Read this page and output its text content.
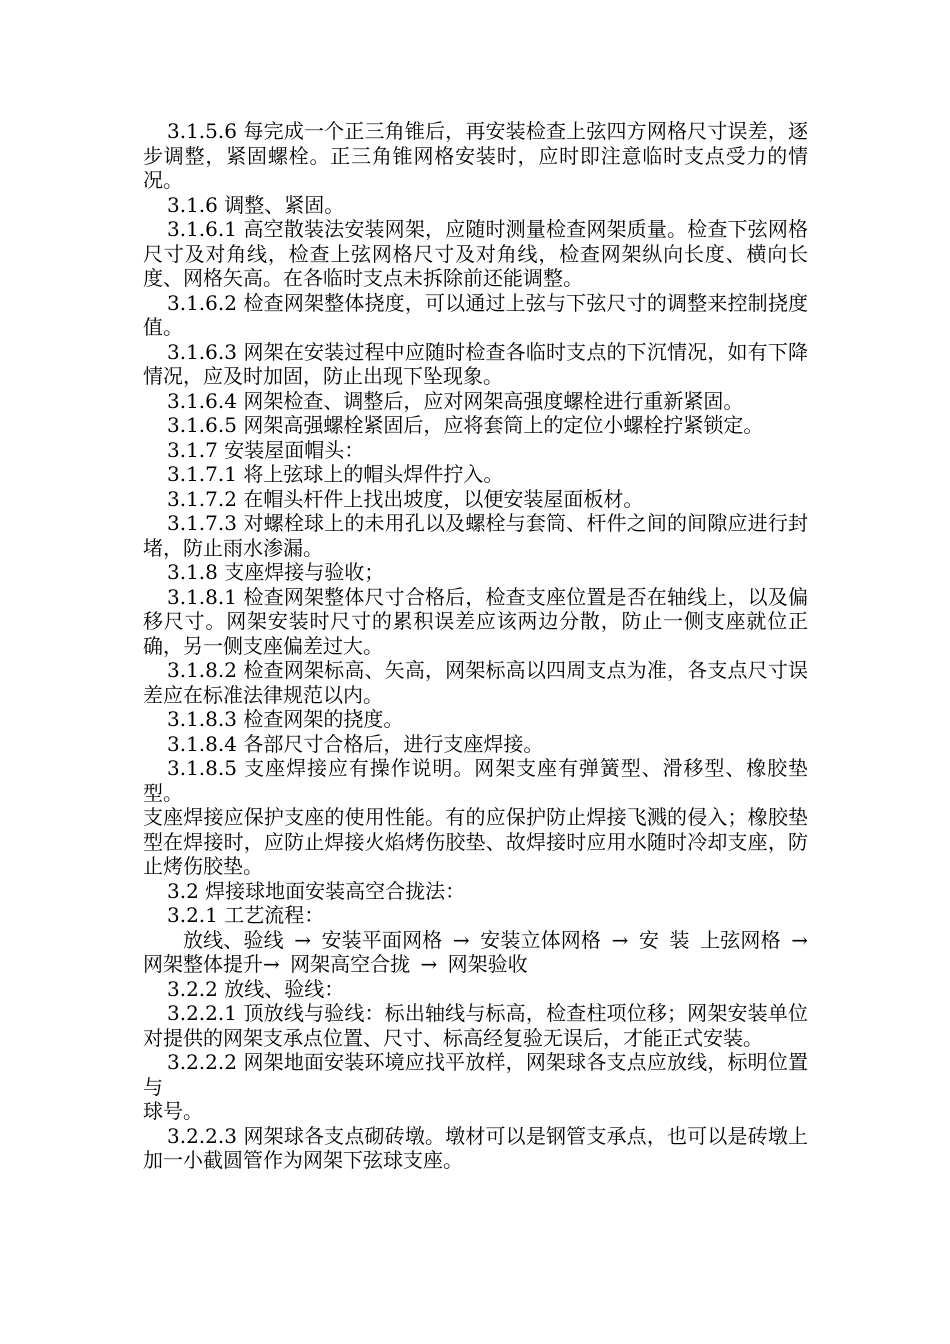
3.1.5.6 每完成一个正三角锥后，再安装检查上弦四方网格尺寸误差，逐步调整，紧固螺栓。正三角锥网格安装时，应时即注意临时支点受力的情况。

3.1.6 调整、紧固。

3.1.6.1 高空散装法安装网架，应随时测量检查网架质量。检查下弦网格尺寸及对角线，检查上弦网格尺寸及对角线，检查网架纵向长度、横向长度、网格矢高。在各临时支点未拆除前还能调整。

3.1.6.2 检查网架整体挠度，可以通过上弦与下弦尺寸的调整来控制挠度值。

3.1.6.3 网架在安装过程中应随时检查各临时支点的下沉情况，如有下降情况，应及时加固，防止出现下坠现象。

3.1.6.4 网架检查、调整后，应对网架高强度螺栓进行重新紧固。

3.1.6.5 网架高强螺栓紧固后，应将套筒上的定位小螺栓拧紧锁定。

3.1.7 安装屋面帽头：

3.1.7.1 将上弦球上的帽头焊件拧入。

3.1.7.2 在帽头杆件上找出坡度，以便安装屋面板材。

3.1.7.3 对螺栓球上的未用孔以及螺栓与套筒、杆件之间的间隙应进行封堵，防止雨水渗漏。

3.1.8 支座焊接与验收；

3.1.8.1 检查网架整体尺寸合格后，检查支座位置是否在轴线上，以及偏移尺寸。网架安装时尺寸的累积误差应该两边分散，防止一侧支座就位正确，另一侧支座偏差过大。

3.1.8.2 检查网架标高、矢高，网架标高以四周支点为准，各支点尺寸误差应在标准法律规范以内。

3.1.8.3 检查网架的挠度。

3.1.8.4 各部尺寸合格后，进行支座焊接。

3.1.8.5 支座焊接应有操作说明。网架支座有弹簧型、滑移型、橡胶垫型。

支座焊接应保护支座的使用性能。有的应保护防止焊接飞溅的侵入；橡胶垫型在焊接时，应防止焊接火焰烤伤胶垫、故焊接时应用水随时冷却支座，防止烤伤胶垫。

3.2 焊接球地面安装高空合拢法：

3.2.1 工艺流程：

放线、验线 → 安装平面网格 → 安装立体网格 → 安 装 上弦网格 → 网架整体提升→ 网架高空合拢 → 网架验收

3.2.2 放线、验线：

3.2.2.1 顶放线与验线：标出轴线与标高，检查柱项位移；网架安装单位对提供的网架支承点位置、尺寸、标高经复验无误后，才能正式安装。

3.2.2.2 网架地面安装环境应找平放样，网架球各支点应放线，标明位置与

球号。

3.2.2.3 网架球各支点砌砖墩。墩材可以是钢管支承点，也可以是砖墩上加一小截圆管作为网架下弦球支座。
